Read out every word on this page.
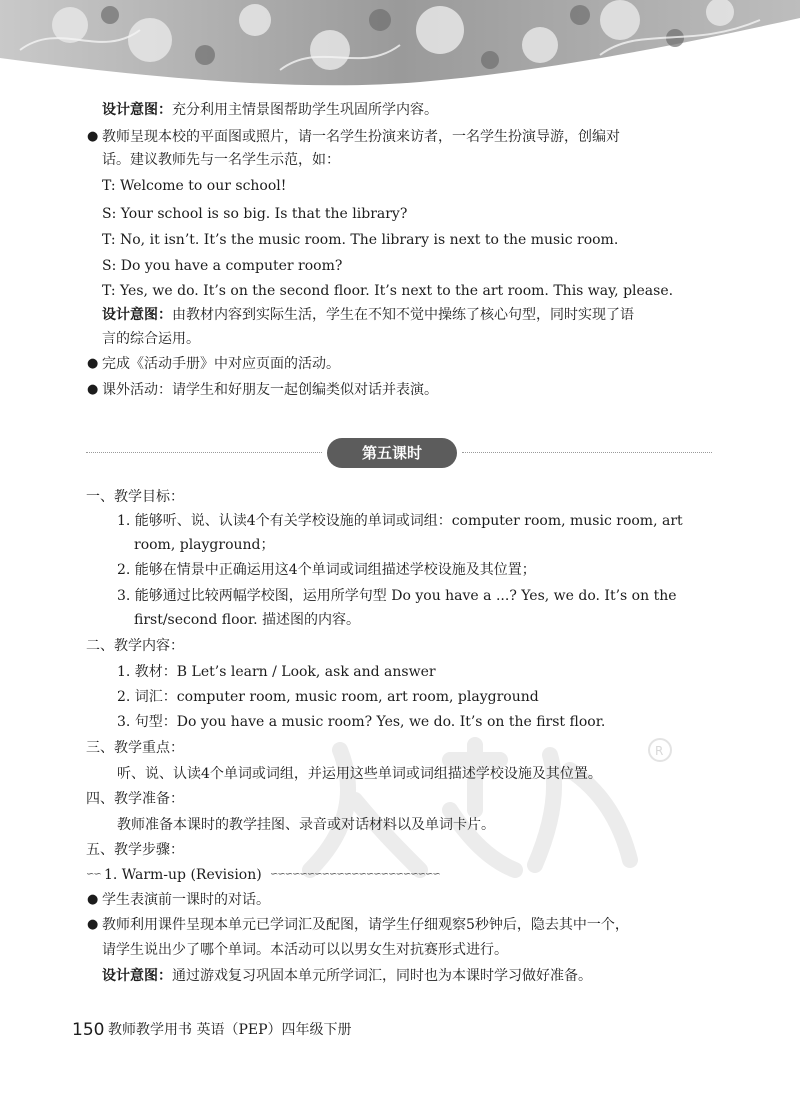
R
设计意图： 充分利用主情景图帮助学生巩固所学内容。
● 教师呈现本校的平面图或照片，请一名学生扮演来访者，一名学生扮演导游，创编对
话。建议教师先与一名学生示范，如：
T: Welcome to our school!
S: Your school is so big. Is that the library?
T: No, it isn’t. It’s the music room. The library is next to the music room.
S: Do you have a computer room?
T: Yes, we do. It’s on the second floor. It’s next to the art room. This way, please.
设计意图： 由教材内容到实际生活，学生在不知不觉中操练了核心句型，同时实现了语
言的综合运用。
● 完成《活动手册》中对应页面的活动。
● 课外活动：请学生和好朋友一起创编类似对话并表演。
第五课时
一、教学目标：
1. 能够听、说、认读4个有关学校设施的单词或词组：computer room, music room, art
room, playground；
2. 能够在情景中正确运用这4个单词或词组描述学校设施及其位置；
3. 能够通过比较两幅学校图，运用所学句型 Do you have a ...? Yes, we do. It’s on the
first/second floor. 描述图的内容。
二、教学内容：
1. 教材：B Let’s learn / Look, ask and answer
2. 词汇：computer room, music room, art room, playground
3. 句型：Do you have a music room? Yes, we do. It’s on the first floor.
三、教学重点：
听、说、认读4个单词或词组，并运用这些单词或词组描述学校设施及其位置。
四、教学准备：
教师准备本课时的教学挂图、录音或对话材料以及单词卡片。
五、教学步骤：
∽∽ 1. Warm-up (Revision) ∽∽∽∽∽∽∽∽∽∽∽∽∽∽∽∽∽∽∽∽∽∽∽
● 学生表演前一课时的对话。
● 教师利用课件呈现本单元已学词汇及配图，请学生仔细观察5秒钟后，隐去其中一个，
请学生说出少了哪个单词。本活动可以以男女生对抗赛形式进行。
设计意图： 通过游戏复习巩固本单元所学词汇，同时也为本课时学习做好准备。
150 教师教学用书 英语（PEP）四年级下册
